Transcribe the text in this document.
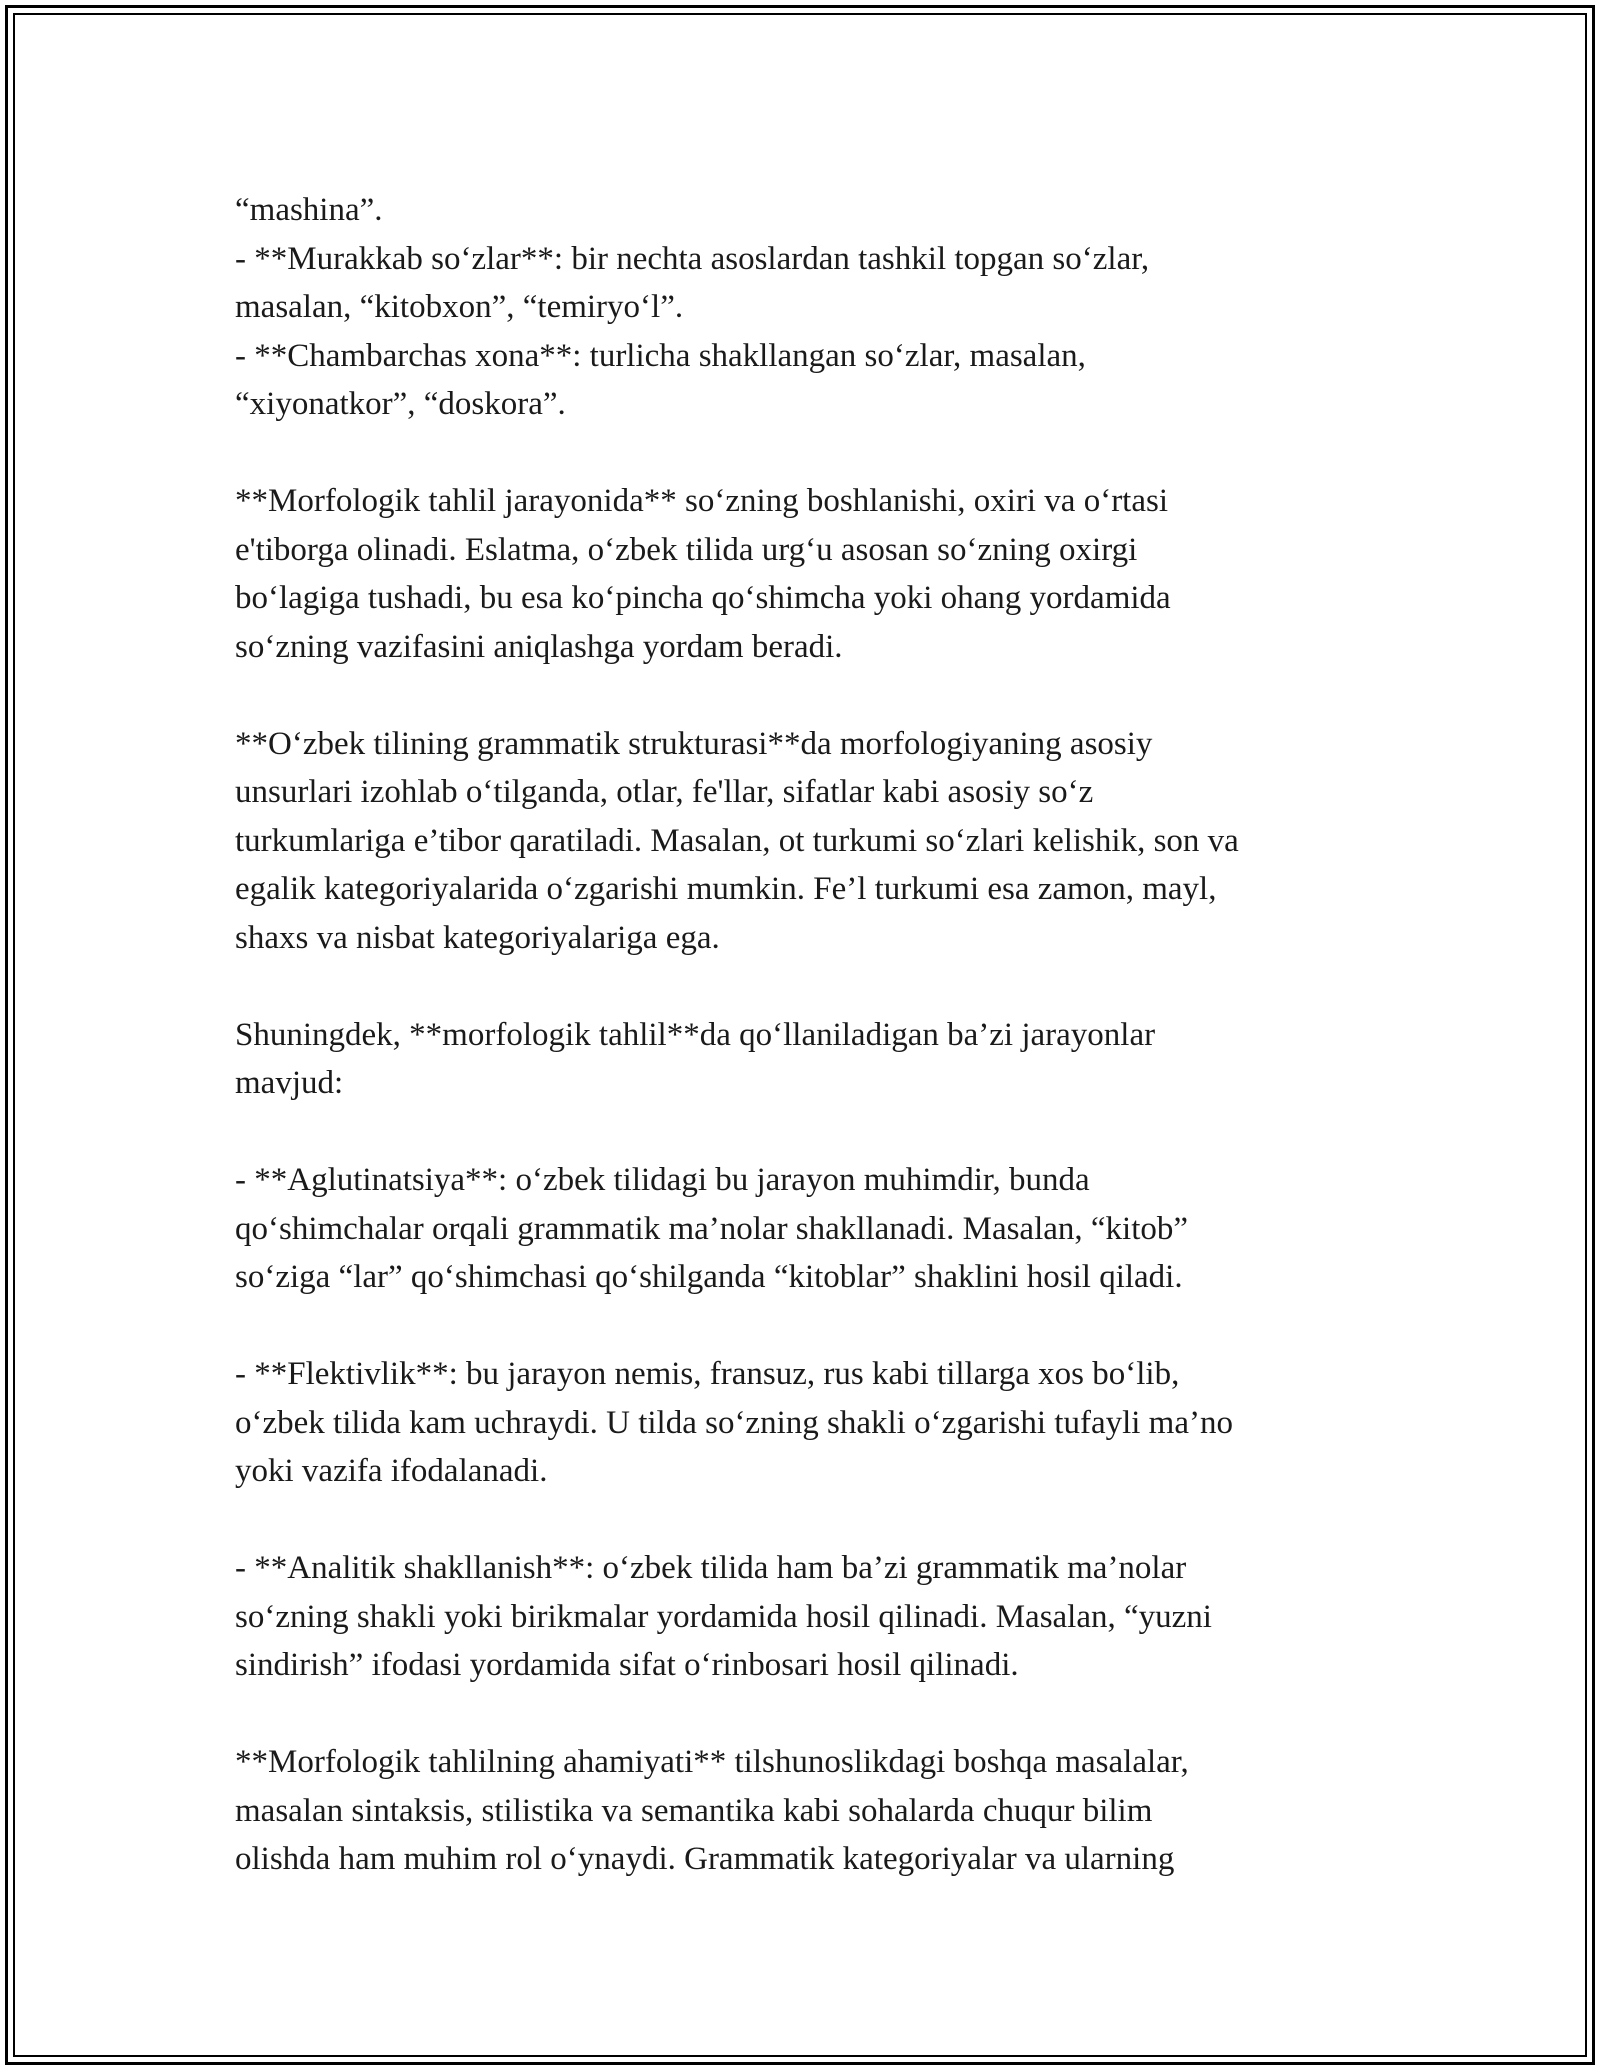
“mashina”.
- **Murakkab so‘zlar**: bir nechta asoslardan tashkil topgan so‘zlar,
masalan, “kitobxon”, “temiryo‘l”.
- **Chambarchas xona**: turlicha shakllangan so‘zlar, masalan,
“xiyonatkor”, “doskora”.

**Morfologik tahlil jarayonida** so‘zning boshlanishi, oxiri va o‘rtasi
e'tiborga olinadi. Eslatma, o‘zbek tilida urg‘u asosan so‘zning oxirgi
bo‘lagiga tushadi, bu esa ko‘pincha qo‘shimcha yoki ohang yordamida
so‘zning vazifasini aniqlashga yordam beradi.

**O‘zbek tilining grammatik strukturasi**da morfologiyaning asosiy
unsurlari izohlab o‘tilganda, otlar, fe'llar, sifatlar kabi asosiy so‘z
turkumlariga e’tibor qaratiladi. Masalan, ot turkumi so‘zlari kelishik, son va
egalik kategoriyalarida o‘zgarishi mumkin. Fe’l turkumi esa zamon, mayl,
shaxs va nisbat kategoriyalariga ega.

Shuningdek, **morfologik tahlil**da qo‘llaniladigan ba’zi jarayonlar
mavjud:

- **Aglutinatsiya**: o‘zbek tilidagi bu jarayon muhimdir, bunda
qo‘shimchalar orqali grammatik ma’nolar shakllanadi. Masalan, “kitob”
so‘ziga “lar” qo‘shimchasi qo‘shilganda “kitoblar” shaklini hosil qiladi.

- **Flektivlik**: bu jarayon nemis, fransuz, rus kabi tillarga xos bo‘lib,
o‘zbek tilida kam uchraydi. U tilda so‘zning shakli o‘zgarishi tufayli ma’no
yoki vazifa ifodalanadi.

- **Analitik shakllanish**: o‘zbek tilida ham ba’zi grammatik ma’nolar
so‘zning shakli yoki birikmalar yordamida hosil qilinadi. Masalan, “yuzni
sindirish” ifodasi yordamida sifat o‘rinbosari hosil qilinadi.

**Morfologik tahlilning ahamiyati** tilshunoslikdagi boshqa masalalar,
masalan sintaksis, stilistika va semantika kabi sohalarda chuqur bilim
olishda ham muhim rol o‘ynaydi. Grammatik kategoriyalar va ularning
